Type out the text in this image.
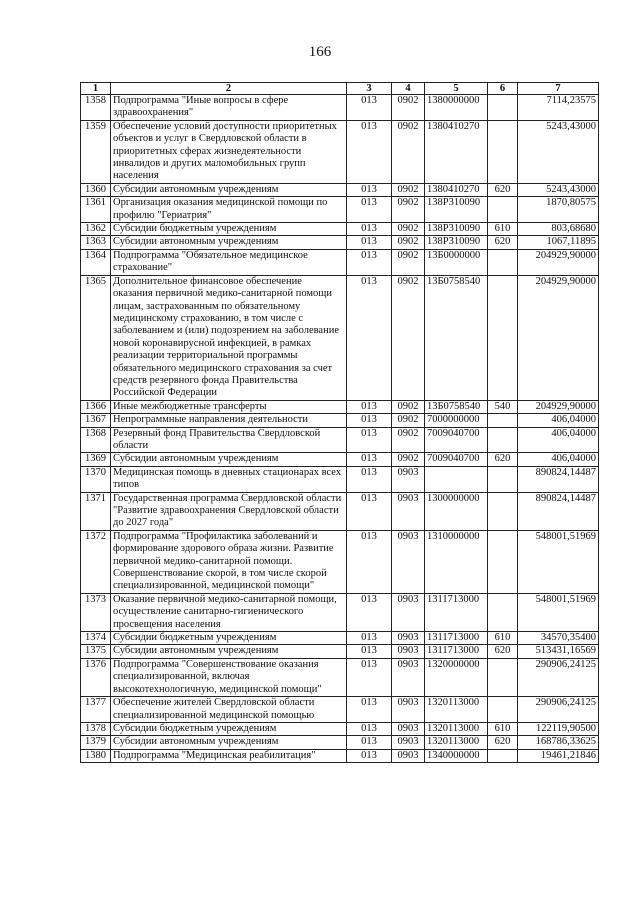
166
1	2	3	4	5	6	7
1358	Подпрограмма "Иные вопросы в сфере здравоохранения"	013	0902	1380000000		7114,23575
1359	Обеспечение условий доступности приоритетных объектов и услуг в Свердловской области в приоритетных сферах жизнедеятельности инвалидов и других маломобильных групп населения	013	0902	1380410270		5243,43000
1360	Субсидии автономным учреждениям	013	0902	1380410270	620	5243,43000
1361	Организация оказания медицинской помощи по профилю "Гериатрия"	013	0902	138Р310090		1870,80575
1362	Субсидии бюджетным учреждениям	013	0902	138Р310090	610	803,68680
1363	Субсидии автономным учреждениям	013	0902	138Р310090	620	1067,11895
1364	Подпрограмма "Обязательное медицинское страхование"	013	0902	13Б0000000		204929,90000
1365	Дополнительное финансовое обеспечение оказания первичной медико-санитарной помощи лицам, застрахованным по обязательному медицинскому страхованию, в том числе с заболеванием и (или) подозрением на заболевание новой коронавирусной инфекцией, в рамках реализации территориальной программы обязательного медицинского страхования за счет средств резервного фонда Правительства Российской Федерации	013	0902	13Б0758540		204929,90000
1366	Иные межбюджетные трансферты	013	0902	13Б0758540	540	204929,90000
1367	Непрограммные направления деятельности	013	0902	7000000000		406,04000
1368	Резервный фонд Правительства Свердловской области	013	0902	7009040700		406,04000
1369	Субсидии автономным учреждениям	013	0902	7009040700	620	406,04000
1370	Медицинская помощь в дневных стационарах всех типов	013	0903			890824,14487
1371	Государственная программа Свердловской области "Развитие здравоохранения Свердловской области до 2027 года"	013	0903	1300000000		890824,14487
1372	Подпрограмма "Профилактика заболеваний и формирование здорового образа жизни. Развитие первичной медико-санитарной помощи. Совершенствование скорой, в том числе скорой специализированной, медицинской помощи"	013	0903	1310000000		548001,51969
1373	Оказание первичной медико-санитарной помощи, осуществление санитарно-гигиенического просвещения населения	013	0903	1311713000		548001,51969
1374	Субсидии бюджетным учреждениям	013	0903	1311713000	610	34570,35400
1375	Субсидии автономным учреждениям	013	0903	1311713000	620	513431,16569
1376	Подпрограмма "Совершенствование оказания специализированной, включая высокотехнологичную, медицинской помощи"	013	0903	1320000000		290906,24125
1377	Обеспечение жителей Свердловской области специализированной медицинской помощью	013	0903	1320113000		290906,24125
1378	Субсидии бюджетным учреждениям	013	0903	1320113000	610	122119,90500
1379	Субсидии автономным учреждениям	013	0903	1320113000	620	168786,33625
1380	Подпрограмма "Медицинская реабилитация"	013	0903	1340000000		19461,21846
